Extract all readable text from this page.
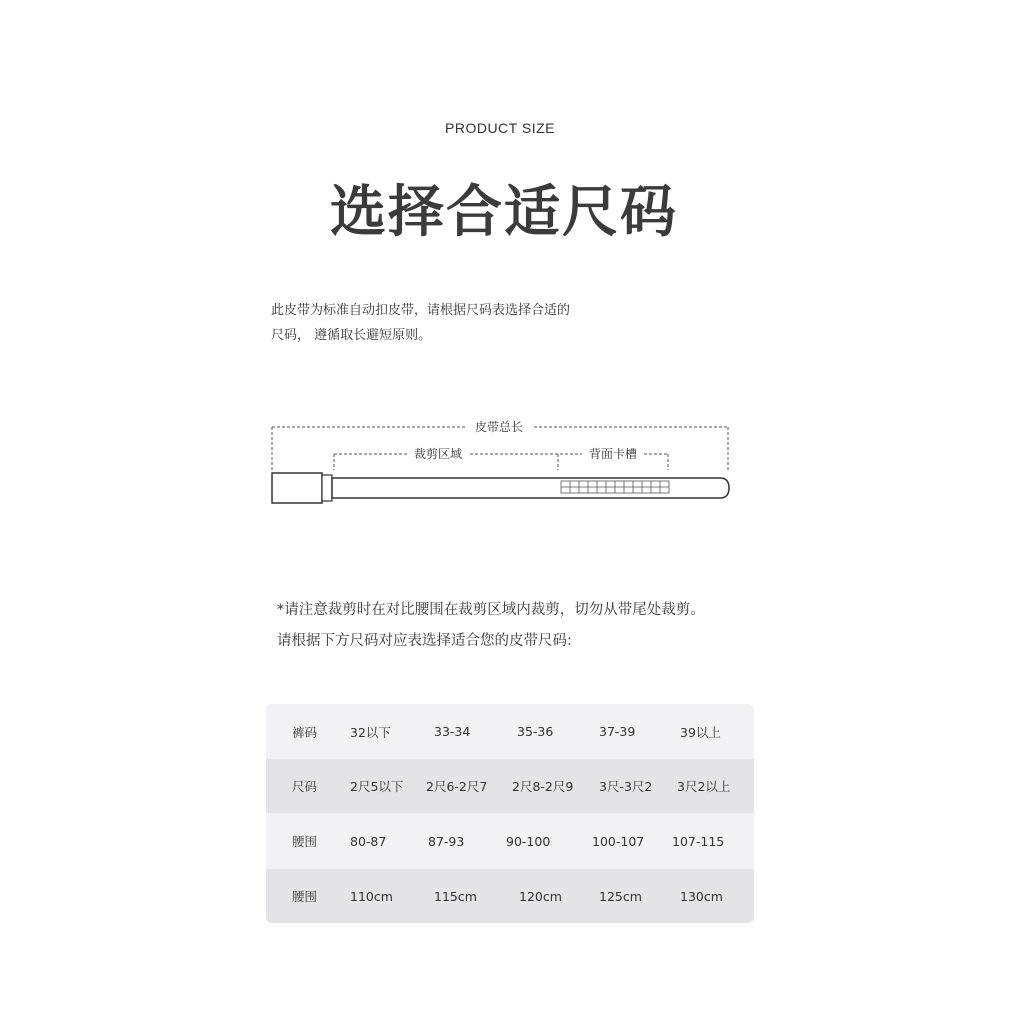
PRODUCT SIZE
选择合适尺码
此皮带为标准自动扣皮带，请根据尺码表选择合适的
尺码， 遵循取长避短原则。
皮带总长
裁剪区域	背面卡槽
*请注意裁剪时在对比腰围在裁剪区域内裁剪，切勿从带尾处裁剪。
请根据下方尺码对应表选择适合您的皮带尺码:
裤码	32以下	33-34	35-36	37-39	39以上
尺码	2尺5以下 2尺6-2尺7 2尺8-2尺9 3尺-3尺2 3尺2以上
腰围	80-87	87-93	90-100	100-107 107-115
腰围	110cm	115cm	120cm	125cm	130cm
